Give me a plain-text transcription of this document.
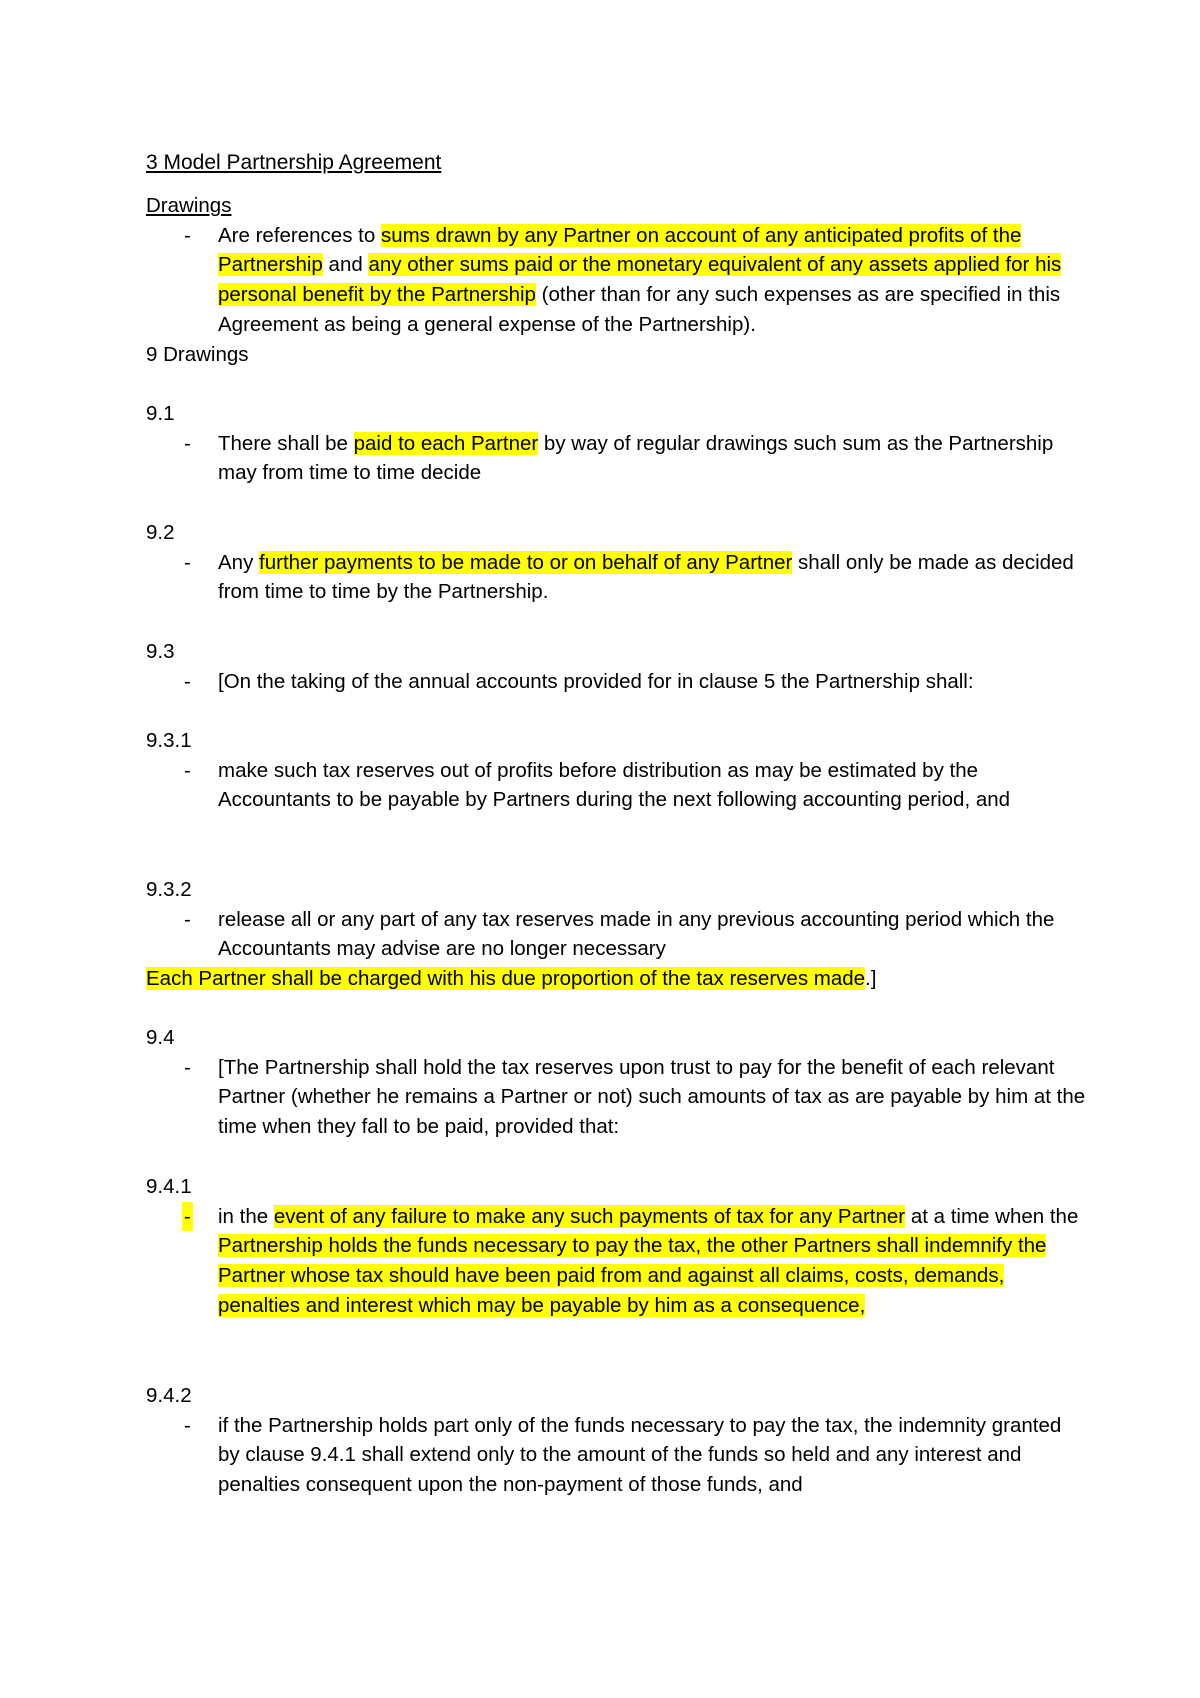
3 Model Partnership Agreement
Drawings
- Are references to sums drawn by any Partner on account of any anticipated profits of the Partnership and any other sums paid or the monetary equivalent of any assets applied for his personal benefit by the Partnership (other than for any such expenses as are specified in this Agreement as being a general expense of the Partnership).
9 Drawings
9.1
- There shall be paid to each Partner by way of regular drawings such sum as the Partnership may from time to time decide
9.2
- Any further payments to be made to or on behalf of any Partner shall only be made as decided from time to time by the Partnership.
9.3
- [On the taking of the annual accounts provided for in clause 5 the Partnership shall:
9.3.1
- make such tax reserves out of profits before distribution as may be estimated by the Accountants to be payable by Partners during the next following accounting period, and
9.3.2
- release all or any part of any tax reserves made in any previous accounting period which the Accountants may advise are no longer necessary
Each Partner shall be charged with his due proportion of the tax reserves made.]
9.4
- [The Partnership shall hold the tax reserves upon trust to pay for the benefit of each relevant Partner (whether he remains a Partner or not) such amounts of tax as are payable by him at the time when they fall to be paid, provided that:
9.4.1
- in the event of any failure to make any such payments of tax for any Partner at a time when the Partnership holds the funds necessary to pay the tax, the other Partners shall indemnify the Partner whose tax should have been paid from and against all claims, costs, demands, penalties and interest which may be payable by him as a consequence,
9.4.2
- if the Partnership holds part only of the funds necessary to pay the tax, the indemnity granted by clause 9.4.1 shall extend only to the amount of the funds so held and any interest and penalties consequent upon the non-payment of those funds, and
